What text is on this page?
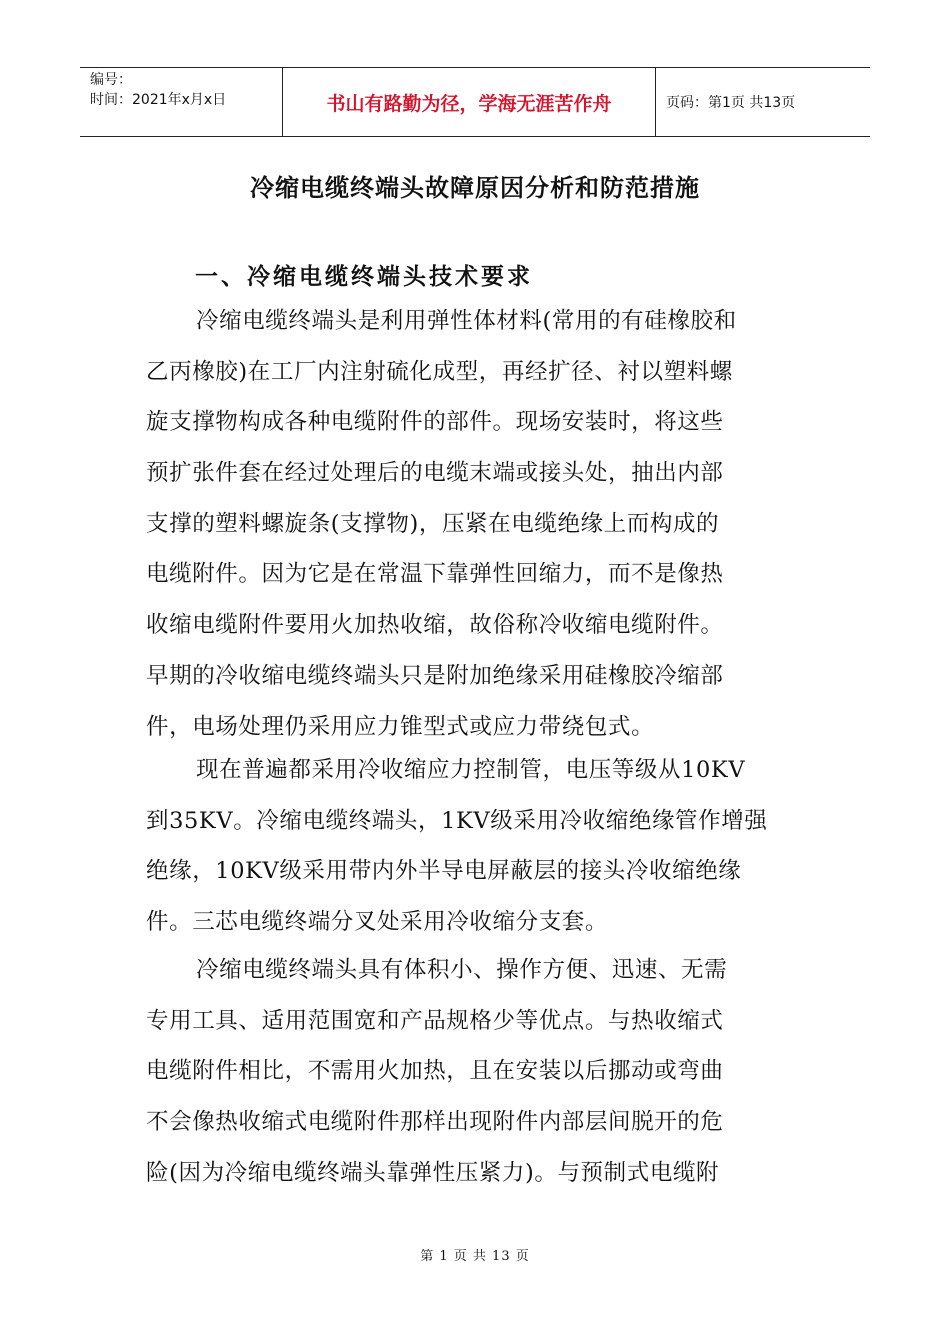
编号：
时间：2021年x月x日	书山有路勤为径，学海无涯苦作舟	页码：第1页 共13页
冷缩电缆终端头故障原因分析和防范措施
一、冷缩电缆终端头技术要求
冷缩电缆终端头是利用弹性体材料(常用的有硅橡胶和
乙丙橡胶)在工厂内注射硫化成型，再经扩径、衬以塑料螺
旋支撑物构成各种电缆附件的部件。现场安装时，将这些
预扩张件套在经过处理后的电缆末端或接头处，抽出内部
支撑的塑料螺旋条(支撑物)，压紧在电缆绝缘上而构成的
电缆附件。因为它是在常温下靠弹性回缩力，而不是像热
收缩电缆附件要用火加热收缩，故俗称冷收缩电缆附件。
早期的冷收缩电缆终端头只是附加绝缘采用硅橡胶冷缩部
件，电场处理仍采用应力锥型式或应力带绕包式。
现在普遍都采用冷收缩应力控制管，电压等级从10KV
到35KV。冷缩电缆终端头，1KV级采用冷收缩绝缘管作增强
绝缘，10KV级采用带内外半导电屏蔽层的接头冷收缩绝缘
件。三芯电缆终端分叉处采用冷收缩分支套。
冷缩电缆终端头具有体积小、操作方便、迅速、无需
专用工具、适用范围宽和产品规格少等优点。与热收缩式
电缆附件相比，不需用火加热，且在安装以后挪动或弯曲
不会像热收缩式电缆附件那样出现附件内部层间脱开的危
险(因为冷缩电缆终端头靠弹性压紧力)。与预制式电缆附
第 1 页 共 13 页
